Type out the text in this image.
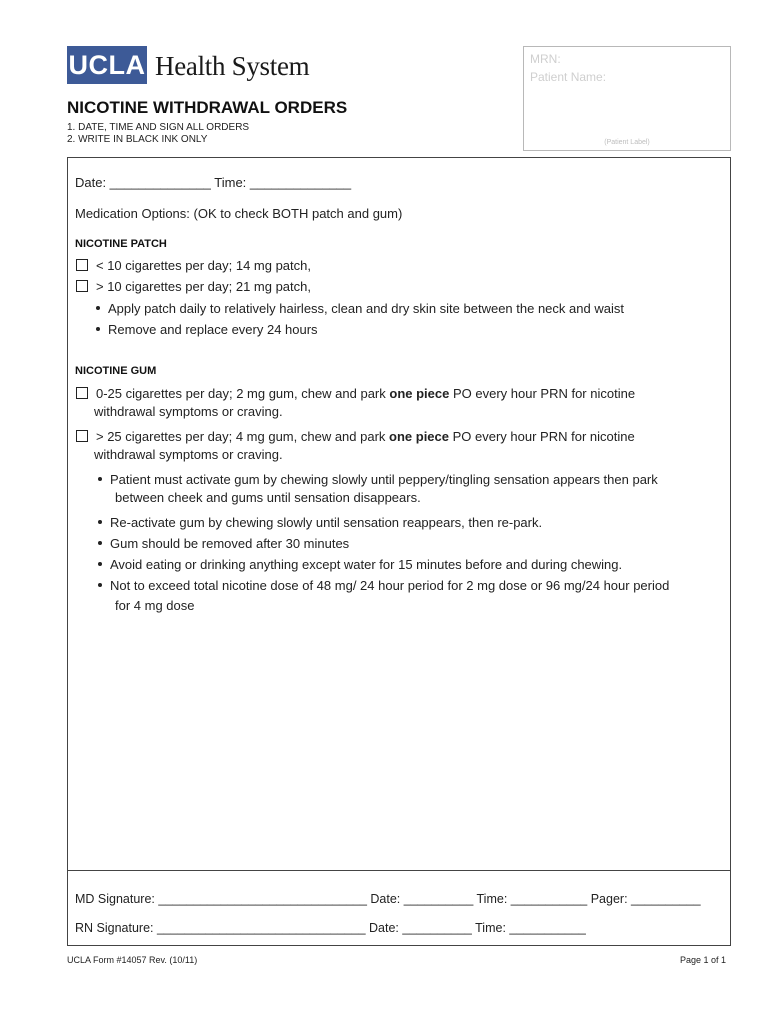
UCLA Health System	MRN:
Patient Name:
(Patient Label)
NICOTINE WITHDRAWAL ORDERS
1. DATE, TIME AND SIGN ALL ORDERS
2. WRITE IN BLACK INK ONLY
Date: ______________ Time: ______________
Medication Options: (OK to check BOTH patch and gum)
NICOTINE PATCH
< 10 cigarettes per day; 14 mg patch,
> 10 cigarettes per day; 21 mg patch,
Apply patch daily to relatively hairless, clean and dry skin site between the neck and waist
Remove and replace every 24 hours
NICOTINE GUM
0-25 cigarettes per day; 2 mg gum, chew and park one piece PO every hour PRN for nicotine
withdrawal symptoms or craving.
> 25 cigarettes per day; 4 mg gum, chew and park one piece PO every hour PRN for nicotine
withdrawal symptoms or craving.
Patient must activate gum by chewing slowly until peppery/tingling sensation appears then park
between cheek and gums until sensation disappears.
Re-activate gum by chewing slowly until sensation reappears, then re-park.
Gum should be removed after 30 minutes
Avoid eating or drinking anything except water for 15 minutes before and during chewing.
Not to exceed total nicotine dose of 48 mg/ 24 hour period for 2 mg dose or 96 mg/24 hour period
for 4 mg dose
MD Signature: ______________________________ Date: __________ Time: ___________ Pager: __________
RN Signature: ______________________________ Date: __________ Time: ___________
UCLA Form #14057 Rev. (10/11)	Page 1 of 1
